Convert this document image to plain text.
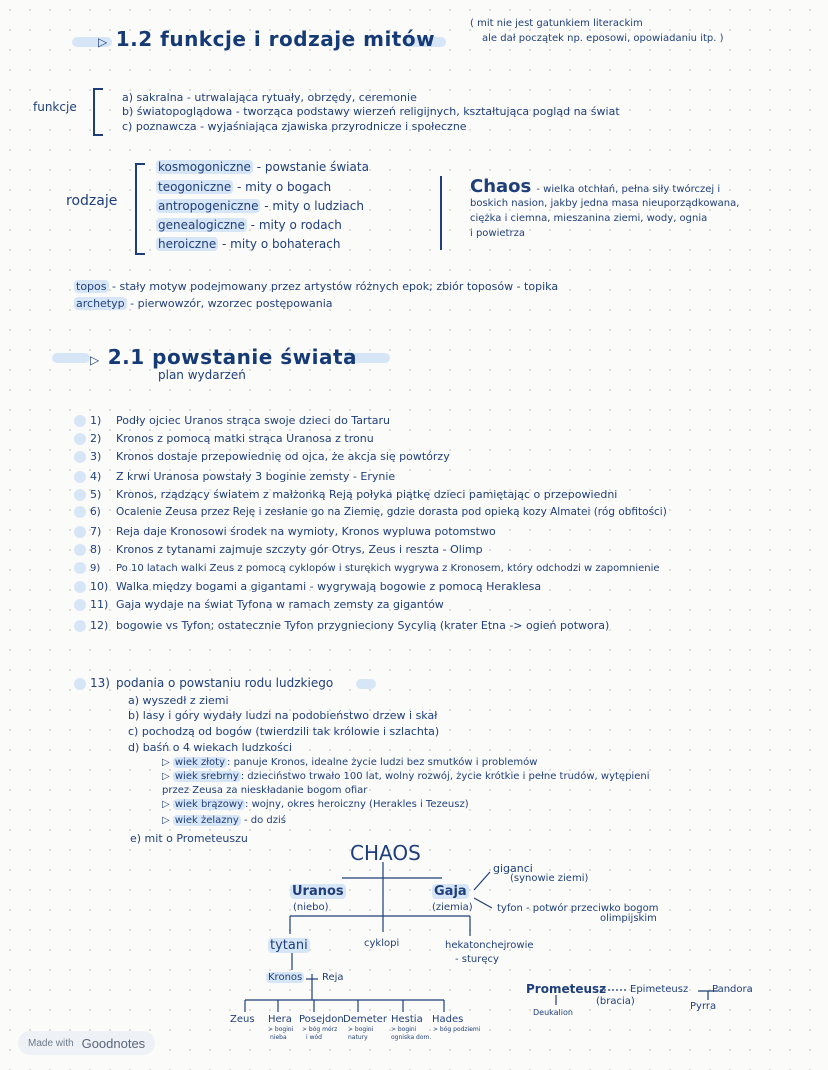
▷ 1.2 funkcje i rodzaje mitów
( mit nie jest gatunkiem literackim
ale dał początek np. eposowi, opowiadaniu itp. )
funkcje
a) sakralna - utrwalająca rytuały, obrzędy, ceremonie
b) światopoglądowa - tworząca podstawy wierzeń religijnych, kształtująca pogląd na świat
c) poznawcza - wyjaśniająca zjawiska przyrodnicze i społeczne
rodzaje
kosmogoniczne - powstanie świata
teogoniczne - mity o bogach
antropogeniczne - mity o ludziach
genealogiczne - mity o rodach
heroiczne - mity o bohaterach
Chaos - wielka otchłań, pełna siły twórczej i
boskich nasion, jakby jedna masa nieuporządkowana,
ciężka i ciemna, mieszanina ziemi, wody, ognia
i powietrza
topos - stały motyw podejmowany przez artystów różnych epok; zbiór toposów - topika
archetyp - pierwowzór, wzorzec postępowania
▷ 2.1 powstanie świata
plan wydarzeń
1) Podły ojciec Uranos strąca swoje dzieci do Tartaru
2) Kronos z pomocą matki strąca Uranosa z tronu
3) Kronos dostaje przepowiednię od ojca, że akcja się powtórzy
4) Z krwi Uranosa powstały 3 boginie zemsty - Erynie
5) Kronos, rządzący światem z małżonką Reją połyka piątkę dzieci pamiętając o przepowiedni
6) Ocalenie Zeusa przez Reję i zesłanie go na Ziemię, gdzie dorasta pod opieką kozy Almatei (róg obfitości)
7) Reja daje Kronosowi środek na wymioty, Kronos wypluwa potomstwo
8) Kronos z tytanami zajmuje szczyty gór Otrys, Zeus i reszta - Olimp
9) Po 10 latach walki Zeus z pomocą cyklopów i sturękich wygrywa z Kronosem, który odchodzi w zapomnienie
10) Walka między bogami a gigantami - wygrywają bogowie z pomocą Heraklesa
11) Gaja wydaje na świat Tyfona w ramach zemsty za gigantów
12) bogowie vs Tyfon; ostatecznie Tyfon przygnieciony Sycylią (krater Etna -> ogień potwora)
13) podania o powstaniu rodu ludzkiego
a) wyszedł z ziemi
b) lasy i góry wydały ludzi na podobieństwo drzew i skał
c) pochodzą od bogów (twierdzili tak królowie i szlachta)
d) baśń o 4 wiekach ludzkości
▷ wiek złoty : panuje Kronos, idealne życie ludzi bez smutków i problemów
▷ wiek srebrny : dzieciństwo trwało 100 lat, wolny rozwój, życie krótkie i pełne trudów, wytępieni
przez Zeusa za nieskładanie bogom ofiar
▷ wiek brązowy : wojny, okres heroiczny (Herakles i Tezeusz)
▷ wiek żelazny - do dziś
e) mit o Prometeuszu
CHAOS
Uranos
(niebo)
Gaja
(ziemia)
giganci
(synowie ziemi)
tyfon - potwór przeciwko bogom
olimpijskim
tytani	cyklopi	hekatonchejrowie
- sturęcy
Kronos Reja
Zeus Hera
> bogini
nieba
Posejdon
> bóg mórz
i wód
Demeter
> bogini
natury
Hestia
> bogini
ogniska dom.
Hades
> bóg podziemi
Prometeusz Epimeteusz
(bracia)
Pandora
Pyrra
Deukalion
Made with Goodnotes
